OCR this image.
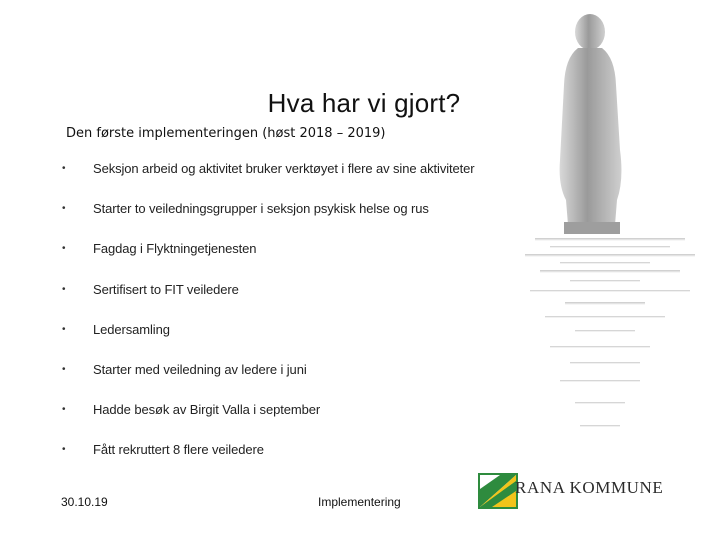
Hva har vi gjort?
Den første implementeringen (høst 2018 – 2019)
•	Seksjon arbeid og aktivitet bruker verktøyet i flere av sine aktiviteter
•	Starter to veiledningsgrupper i seksjon psykisk helse og rus
•	Fagdag i Flyktningetjenesten
•	Sertifisert to FIT veiledere
•	Ledersamling
•	Starter med veiledning av ledere i juni
•	Hadde besøk av Birgit Valla i september
•	Fått rekruttert 8 flere veiledere
30.10.19	Implementering
RANA KOMMUNE
